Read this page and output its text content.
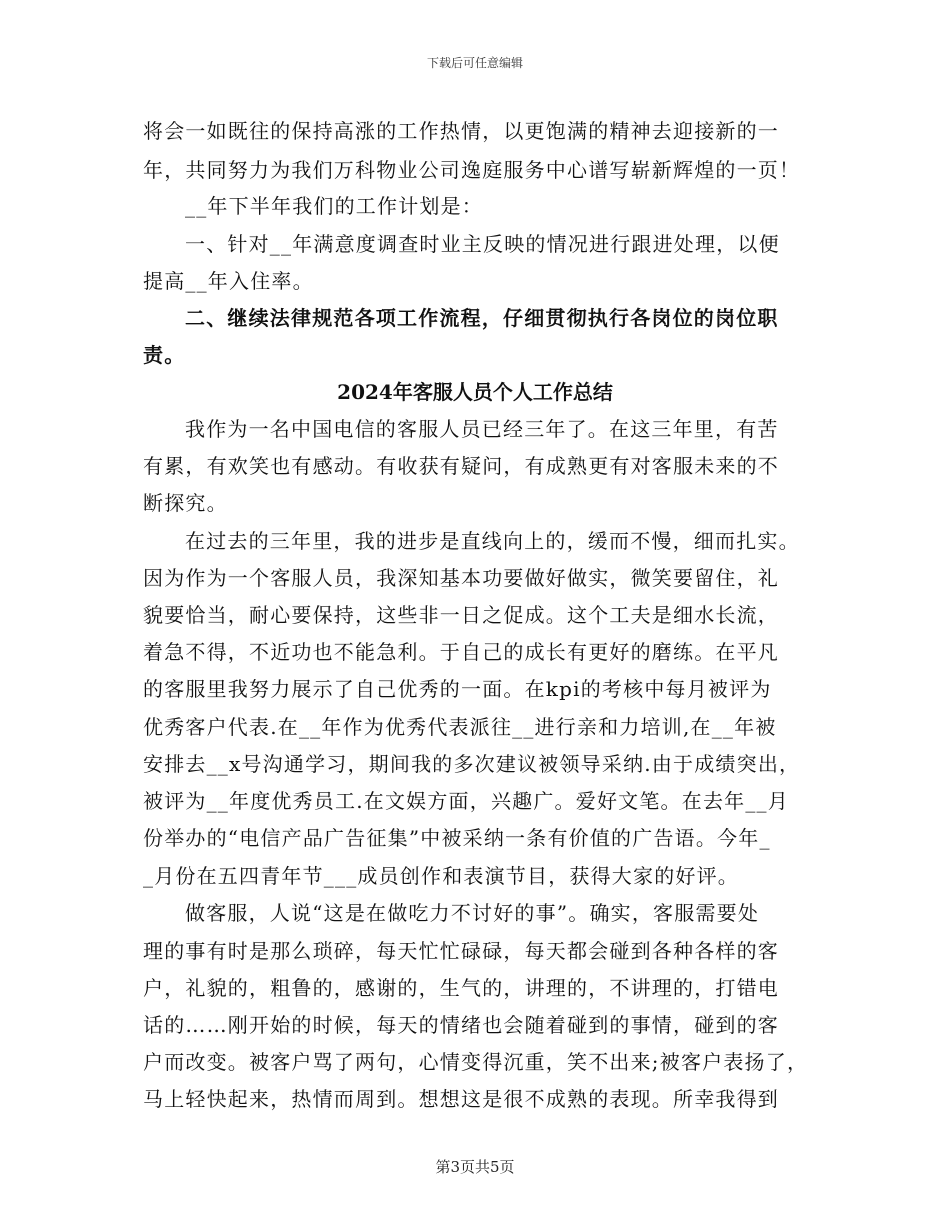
下载后可任意编辑
将会一如既往的保持高涨的工作热情，以更饱满的精神去迎接新的一
年，共同努力为我们万科物业公司逸庭服务中心谱写崭新辉煌的一页！
__年下半年我们的工作计划是：
一、针对__年满意度调查时业主反映的情况进行跟进处理，以便
提高__年入住率。
二、继续法律规范各项工作流程，仔细贯彻执行各岗位的岗位职
责。
2024年客服人员个人工作总结
我作为一名中国电信的客服人员已经三年了。在这三年里，有苦
有累，有欢笑也有感动。有收获有疑问，有成熟更有对客服未来的不
断探究。
在过去的三年里，我的进步是直线向上的，缓而不慢，细而扎实。
因为作为一个客服人员，我深知基本功要做好做实，微笑要留住，礼
貌要恰当，耐心要保持，这些非一日之促成。这个工夫是细水长流，
着急不得，不近功也不能急利。于自己的成长有更好的磨练。在平凡
的客服里我努力展示了自己优秀的一面。在kpi的考核中每月被评为
优秀客户代表.在__年作为优秀代表派往__进行亲和力培训,在__年被
安排去__x号沟通学习，期间我的多次建议被领导采纳.由于成绩突出，
被评为__年度优秀员工.在文娱方面，兴趣广。爱好文笔。在去年__月
份举办的“电信产品广告征集”中被采纳一条有价值的广告语。今年_
_月份在五四青年节___成员创作和表演节目，获得大家的好评。
做客服，人说“这是在做吃力不讨好的事”。确实，客服需要处
理的事有时是那么琐碎，每天忙忙碌碌，每天都会碰到各种各样的客
户，礼貌的，粗鲁的，感谢的，生气的，讲理的，不讲理的，打错电
话的……刚开始的时候，每天的情绪也会随着碰到的事情，碰到的客
户而改变。被客户骂了两句，心情变得沉重，笑不出来;被客户表扬了，
马上轻快起来，热情而周到。想想这是很不成熟的表现。所幸我得到
第3页共5页
